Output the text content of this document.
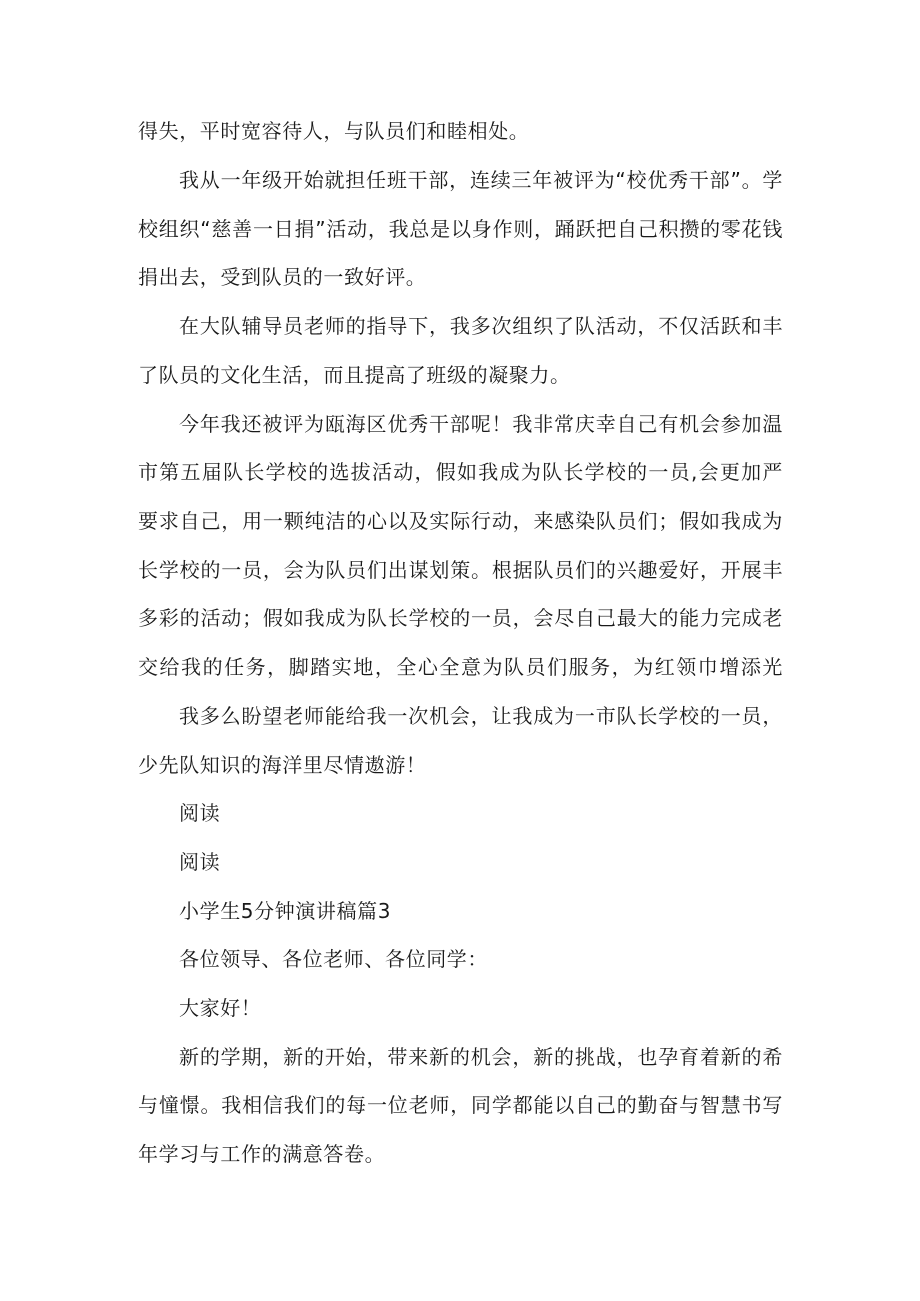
得失，平时宽容待人，与队员们和睦相处。
我从一年级开始就担任班干部，连续三年被评为“校优秀干部”。学
校组织“慈善一日捐”活动，我总是以身作则，踊跃把自己积攒的零花钱
捐出去，受到队员的一致好评。
在大队辅导员老师的指导下，我多次组织了队活动，不仅活跃和丰
了队员的文化生活，而且提高了班级的凝聚力。
今年我还被评为瓯海区优秀干部呢！我非常庆幸自己有机会参加温
市第五届队长学校的选拔活动，假如我成为队长学校的一员,会更加严
要求自己，用一颗纯洁的心以及实际行动，来感染队员们；假如我成为
长学校的一员，会为队员们出谋划策。根据队员们的兴趣爱好，开展丰
多彩的活动；假如我成为队长学校的一员，会尽自己最大的能力完成老
交给我的任务，脚踏实地，全心全意为队员们服务，为红领巾增添光
我多么盼望老师能给我一次机会，让我成为一市队长学校的一员，
少先队知识的海洋里尽情遨游！
阅读
阅读
小学生5分钟演讲稿篇3
各位领导、各位老师、各位同学：
大家好！
新的学期，新的开始，带来新的机会，新的挑战，也孕育着新的希
与憧憬。我相信我们的每一位老师，同学都能以自己的勤奋与智慧书写
年学习与工作的满意答卷。
